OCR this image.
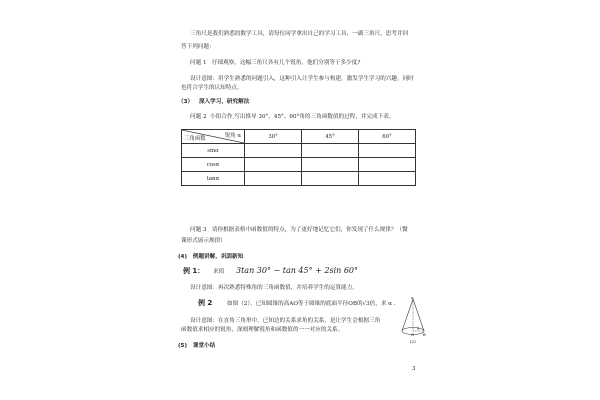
三角尺是我们熟悉的数学工具，请每位同学拿出自己的学习工具，一副三角尺，思考并回
答下列问题：
问题 1 仔细观察，这幅三角尺各有几个锐角，他们分别等于多少度?
设计意图：用学生熟悉的问题引入，这种引入让学生参与构建，激发学生学习的兴趣，同时
也符合学生的认知特点。
（3） 深入学习，研究解法
问题 2 小组合作,写出推导 30°、45°、60°角的三角函数值的过程，并完成下表。
锐角 α
三角函数	30°	45°	60°
sinα			
cosα			
tanα			
问题 3 请你根据表格中函数值的特点，为了更好地记忆它们，你发现了什么规律？（微
课形式展示规律）
(4) 例题讲解，巩固新知
例 1： 求值 3tan 30° − tan 45° + 2sin 60°
设计意图：再次熟悉特殊角的三角函数值，并培养学生的运算能力。
例 2	如图（2），已知圆锥的高AO等于圆锥的底面半径OB的√3倍，求 α .
A
α
O	B
(2)
设计意图：在直角三角形中，已知边的关系求角的关系，是让学生会根据三角
函数值求相应的锐角，深刻理解锐角和函数值的一一对应的关系。
(5) 课堂小结
3
